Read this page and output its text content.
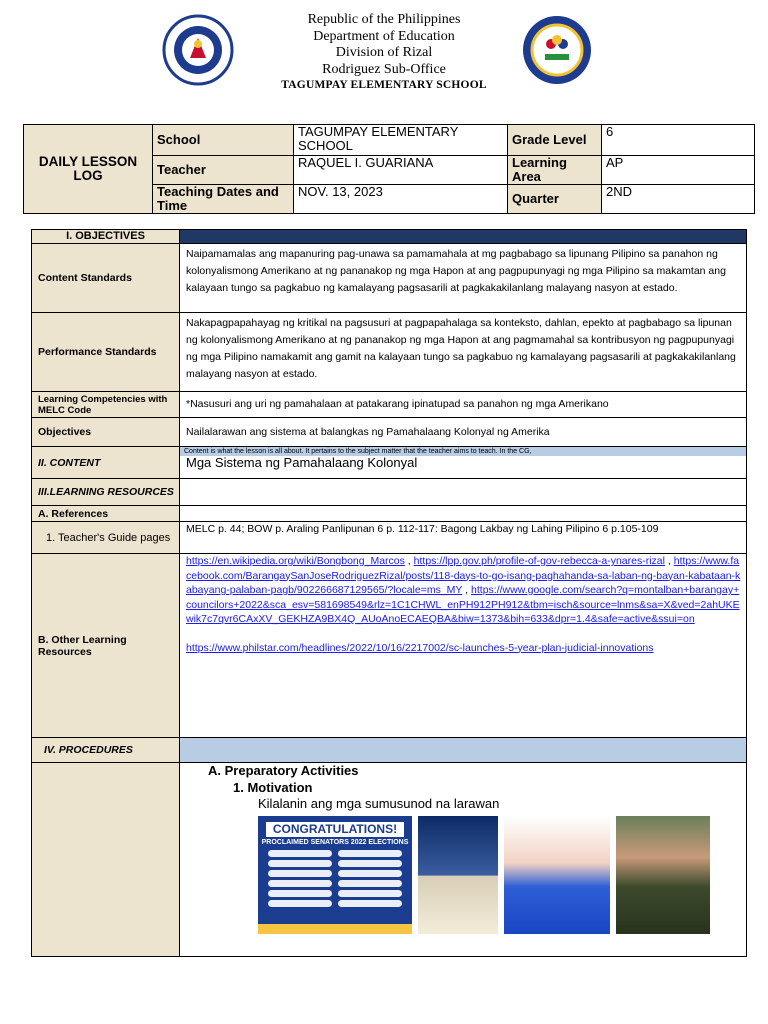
Republic of the Philippines
Department of Education
Division of Rizal
Rodriguez Sub-Office
TAGUMPAY ELEMENTARY SCHOOL
DAILY LESSON LOG	School	TAGUMPAY ELEMENTARY SCHOOL	Grade Level	6
	Teacher	RAQUEL I. GUARIANA	Learning Area	AP
	Teaching Dates and Time	NOV. 13, 2023	Quarter	2ND
I. OBJECTIVES	
Content Standards	Naipamamalas ang mapanuring pag-unawa sa pamamahala at mg pagbabago sa lipunang Pilipino sa panahon ng kolonyalismong Amerikano at ng pananakop ng mga Hapon at ang pagpupunyagi ng mga Pilipino sa makamtan ang kalayaan tungo sa pagkabuo ng kamalayang pagsasarili at pagkakakilanlang malayang nasyon at estado.
Performance Standards	Nakapagpapahayag ng kritikal na pagsusuri at pagpapahalaga sa konteksto, dahlan, epekto at pagbabago sa lipunan ng kolonyalismong Amerikano at ng pananakop ng mga Hapon at ang pagmamahal sa kontribusyon ng pagpupunyagi ng mga Pilipino namakamit ang gamit na kalayaan tungo sa pagkabuo ng kamalayang pagsasarili at pagkakakilanlang malayang nasyon at estado.
Learning Competencies with MELC Code	*Nasusuri ang uri ng pamahalaan at patakarang ipinatupad sa panahon ng mga Amerikano
Objectives	Nailalarawan ang sistema at balangkas ng Pamahalaang Kolonyal ng Amerika
II. CONTENT	Content is what the lesson is all about. It pertains to the subject matter that the teacher aims to teach. In the CG,
Mga Sistema ng Pamahalaang Kolonyal

III.LEARNING RESOURCES	
A. References	
1. Teacher's Guide pages	MELC p. 44; BOW p. Araling Panlipunan 6 p. 112-117: Bagong Lakbay ng Lahing Pilipino 6 p.105-109
B. Other Learning Resources	https://en.wikipedia.org/wiki/Bongbong_Marcos , https://lpp.gov.ph/profile-of-gov-rebecca-a-ynares-rizal , https://www.facebook.com/BarangaySanJoseRodriguezRizal/posts/118-days-to-go-isang-paghahanda-sa-laban-ng-bayan-kabataan-kabayang-palaban-pagb/902266687129565/?locale=ms_MY , https://www.google.com/search?q=montalban+barangay+councilors+2022&sca_esv=581698549&rlz=1C1CHWL_enPH912PH912&tbm=isch&source=lnms&sa=X&ved=2ahUKEwik7c7qvr6CAxXV_GEKHZA9BX4Q_AUoAnoECAEQBA&biw=1373&bih=633&dpr=1.4&safe=active&ssui=on
https://www.philstar.com/headlines/2022/10/16/2217002/sc-launches-5-year-plan-judicial-innovations
IV. PROCEDURES	

	A. Preparatory Activities
1. Motivation
Kilalanin ang mga sumusunod na larawan
CONGRATULATIONS!
PROCLAIMED SENATORS 2022 ELECTIONS
